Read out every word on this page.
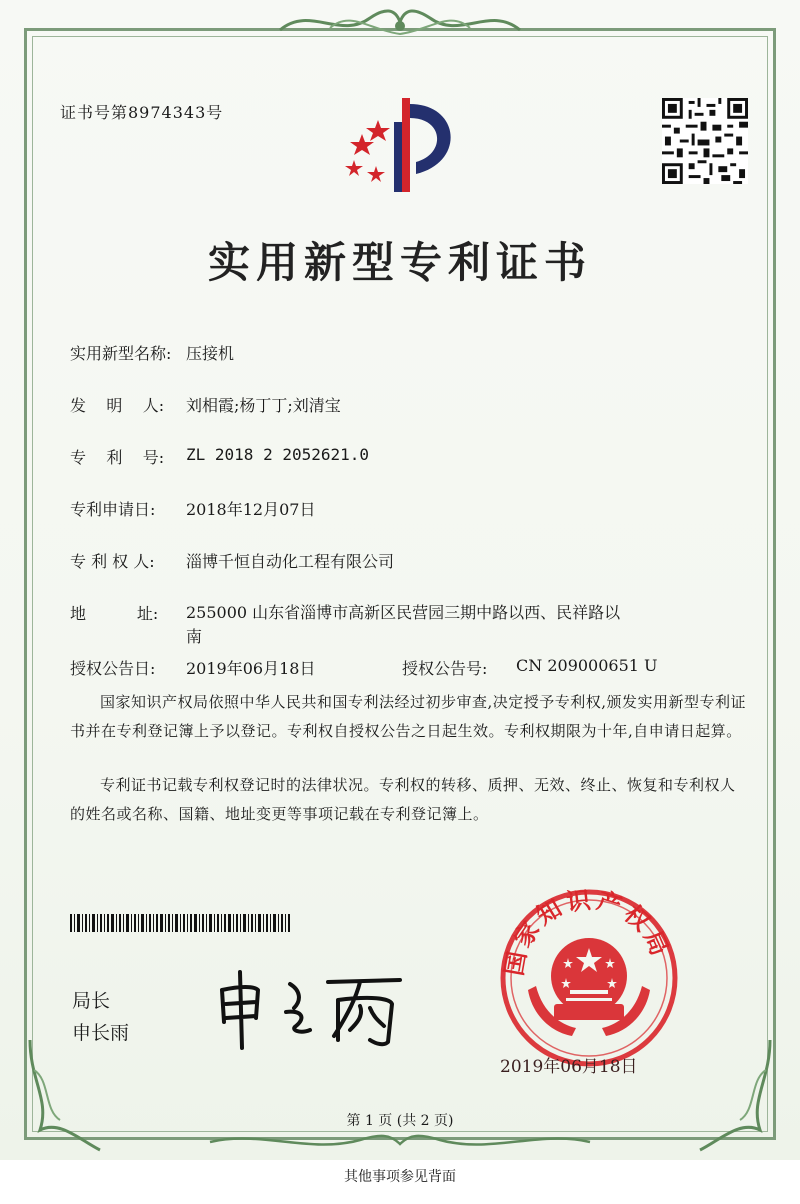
证书号第8974343号
实用新型专利证书
实用新型名称: 压接机
发    明    人: 刘相霞;杨丁丁;刘清宝
专    利    号: ZL 2018 2 2052621.0
专利申请日: 2018年12月07日
专 利 权 人: 淄博千恒自动化工程有限公司
地          址: 255000 山东省淄博市高新区民营园三期中路以西、民祥路以南
授权公告日: 2019年06月18日	授权公告号: CN 209000651 U
国家知识产权局依照中华人民共和国专利法经过初步审查,决定授予专利权,颁发实用新型专利证书并在专利登记簿上予以登记。专利权自授权公告之日起生效。专利权期限为十年,自申请日起算。
专利证书记载专利权登记时的法律状况。专利权的转移、质押、无效、终止、恢复和专利权人的姓名或名称、国籍、地址变更等事项记载在专利登记簿上。
局长
申长雨
国家知识产权局
2019年06月18日
第 1 页 (共 2 页)
其他事项参见背面
